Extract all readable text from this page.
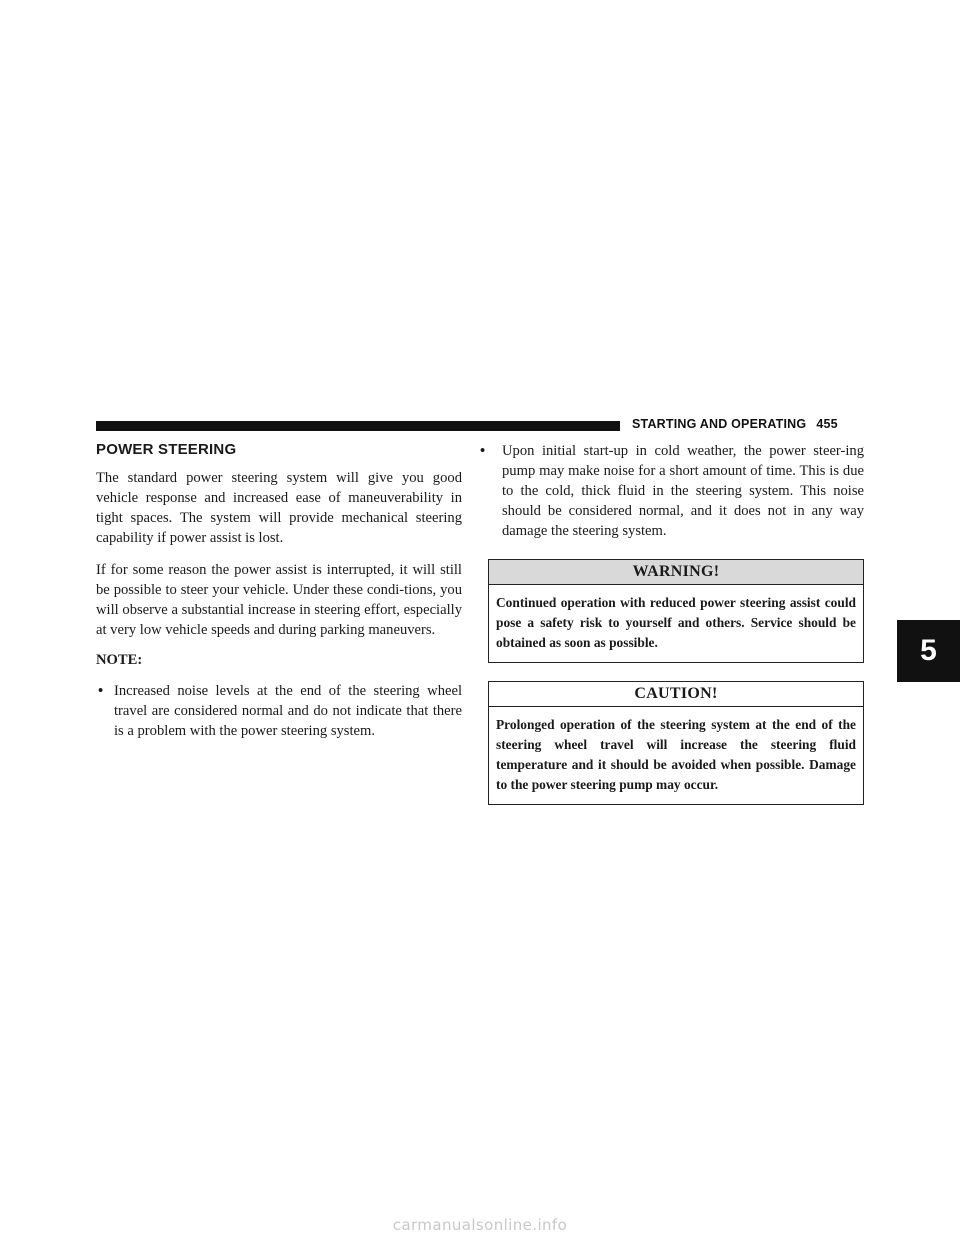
STARTING AND OPERATING 455
POWER STEERING

The standard power steering system will give you good vehicle response and increased ease of maneuverability in tight spaces. The system will provide mechanical steering capability if power assist is lost.

If for some reason the power assist is interrupted, it will still be possible to steer your vehicle. Under these condi-tions, you will observe a substantial increase in steering effort, especially at very low vehicle speeds and during parking maneuvers.

NOTE:
• Increased noise levels at the end of the steering wheel travel are considered normal and do not indicate that there is a problem with the power steering system.
• Upon initial start-up in cold weather, the power steer-ing pump may make noise for a short amount of time. This is due to the cold, thick fluid in the steering system. This noise should be considered normal, and it does not in any way damage the steering system.
WARNING!
Continued operation with reduced power steering assist could pose a safety risk to yourself and others. Service should be obtained as soon as possible.
CAUTION!
Prolonged operation of the steering system at the end of the steering wheel travel will increase the steering fluid temperature and it should be avoided when possible. Damage to the power steering pump may occur.
5
carmanualsonline.info
